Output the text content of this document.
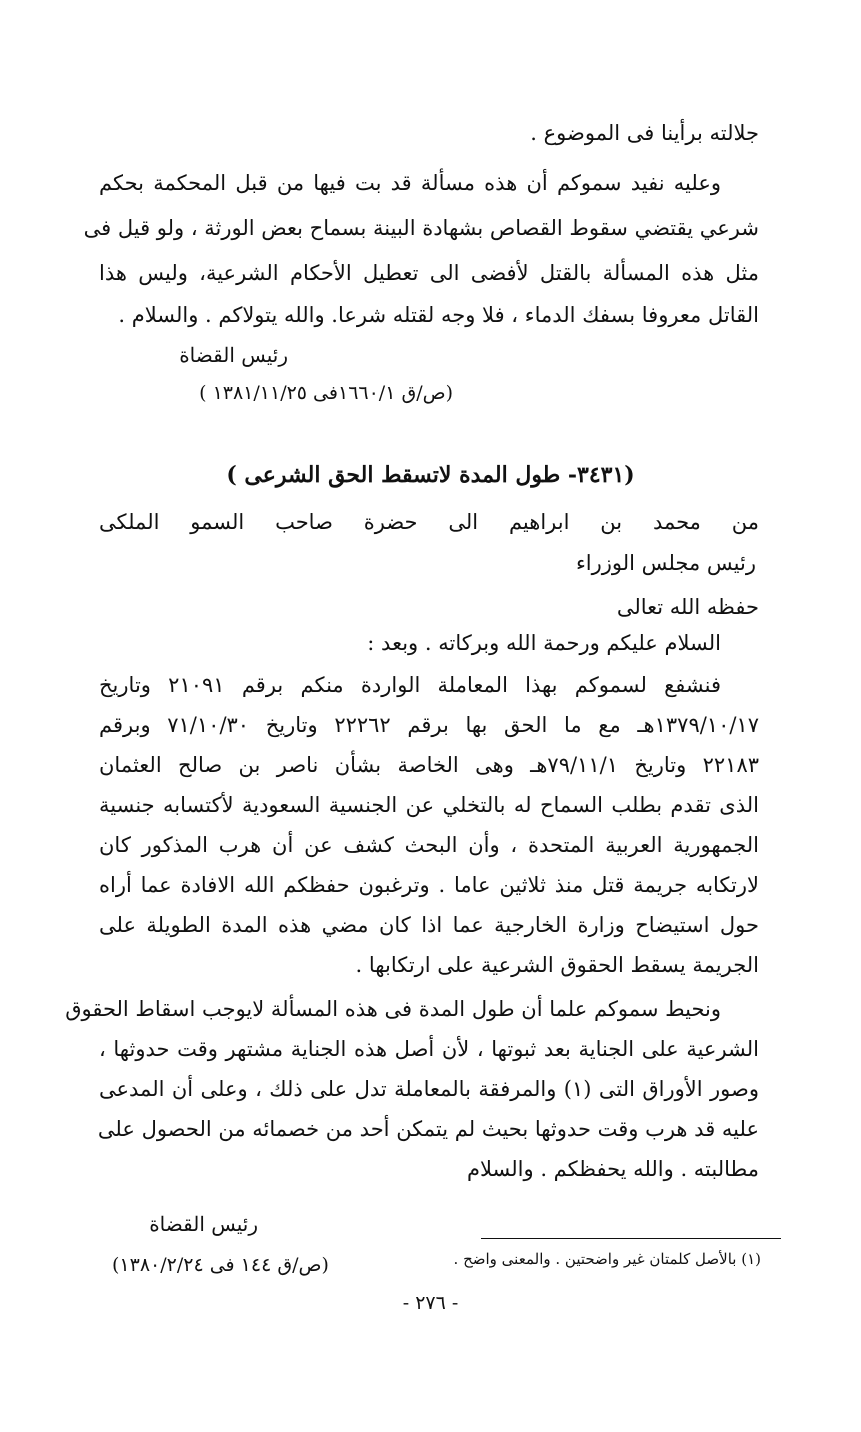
جلالته برأينا فى الموضوع .
وعليه نفيد سموكم أن هذه مسألة قد بت فيها من قبل المحكمة بحكم
شرعي يقتضي سقوط القصاص بشهادة البينة بسماح بعض الورثة ، ولو قيل فى
مثل هذه المسألة بالقتل لأفضى الى تعطيل الأحكام الشرعية، وليس هذا
القاتل معروفا بسفك الدماء ، فلا وجه لقتله شرعا. والله يتولاكم . والسلام .
رئيس القضاة
(ص/ق ١٦٦٠/١فى ١٣٨١/١١/٢٥ )
(٣٤٣١- طول المدة لاتسقط الحق الشرعى )
من محمد بن ابراهيم الى حضرة صاحب السمو الملكى
رئيس مجلس الوزراء
حفظه الله تعالى
السلام عليكم ورحمة الله وبركاته . وبعد :
فنشفع لسموكم بهذا المعاملة الواردة منكم برقم ٢١٠٩١ وتاريخ
١٣٧٩/١٠/١٧هـ مع ما الحق بها برقم ٢٢٢٦٢ وتاريخ ٧١/١٠/٣٠ وبرقم
٢٢١٨٣ وتاريخ ٧٩/١١/١هـ وهى الخاصة بشأن ناصر بن صالح العثمان
الذى تقدم بطلب السماح له بالتخلي عن الجنسية السعودية لأكتسابه جنسية
الجمهورية العربية المتحدة ، وأن البحث كشف عن أن هرب المذكور كان
لارتكابه جريمة قتل منذ ثلاثين عاما . وترغبون حفظكم الله الافادة عما أراه
حول استيضاح وزارة الخارجية عما اذا كان مضي هذه المدة الطويلة على
الجريمة يسقط الحقوق الشرعية على ارتكابها .
ونحيط سموكم علما أن طول المدة فى هذه المسألة لايوجب اسقاط الحقوق
الشرعية على الجناية بعد ثبوتها ، لأن أصل هذه الجناية مشتهر وقت حدوثها ،
وصور الأوراق التى (١) والمرفقة بالمعاملة تدل على ذلك ، وعلى أن المدعى
عليه قد هرب وقت حدوثها بحيث لم يتمكن أحد من خصمائه من الحصول على
مطالبته . والله يحفظكم . والسلام
رئيس القضاة
(١) بالأصل كلمتان غير واضحتين . والمعنى واضح .
(ص/ق ١٤٤ فى ١٣٨٠/٢/٢٤)
- ٢٧٦ -
